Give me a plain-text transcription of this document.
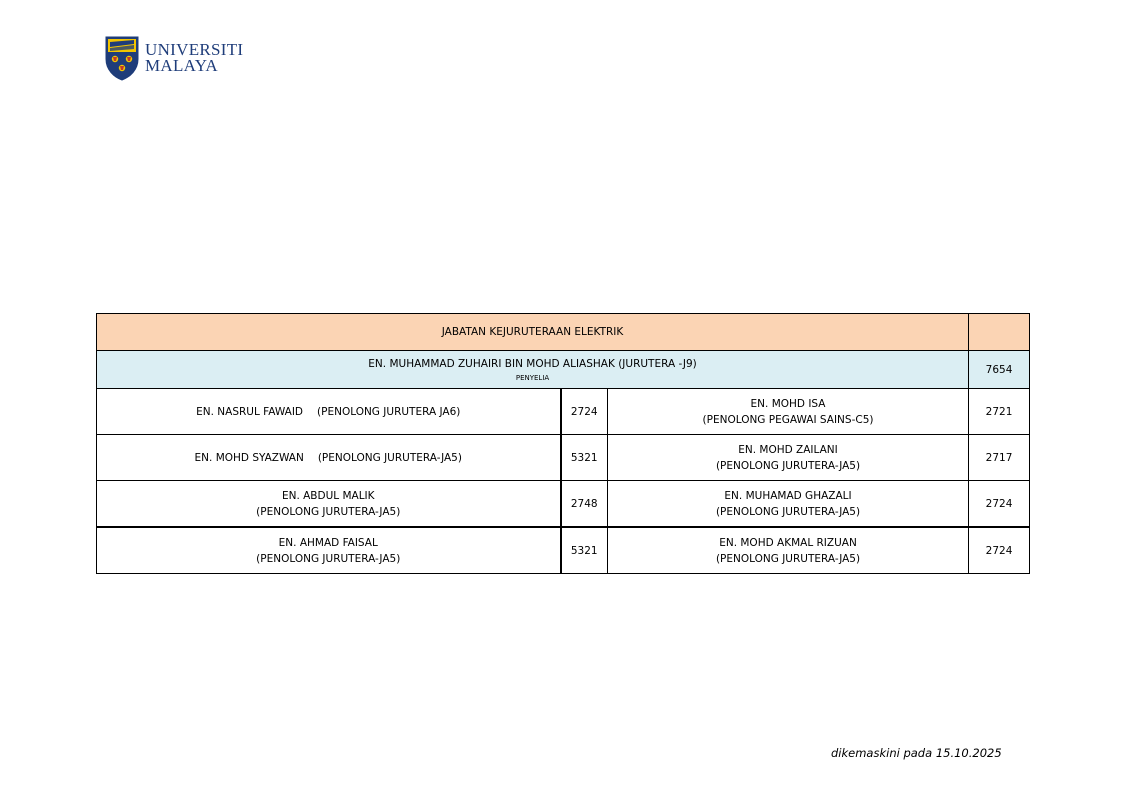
UNIVERSITI
MALAYA
JABATAN KEJURUTERAAN ELEKTRIK			

EN. MUHAMMAD ZUHAIRI BIN MOHD ALIASHAK (JURUTERA -J9)
PENYELIA			7654
EN. NASRUL FAWAID (PENOLONG JURUTERA JA6)	2724	EN. MOHD ISA
(PENOLONG PEGAWAI SAINS-C5)	2721
EN. MOHD SYAZWAN (PENOLONG JURUTERA-JA5)	5321	EN. MOHD ZAILANI
(PENOLONG JURUTERA-JA5)	2717

EN. ABDUL MALIK
(PENOLONG JURUTERA-JA5)	2748	EN. MUHAMAD GHAZALI
(PENOLONG JURUTERA-JA5)	2724

EN. AHMAD FAISAL
(PENOLONG JURUTERA-JA5)	5321	EN. MOHD AKMAL RIZUAN
(PENOLONG JURUTERA-JA5)	2724
dikemaskini pada 15.10.2025
